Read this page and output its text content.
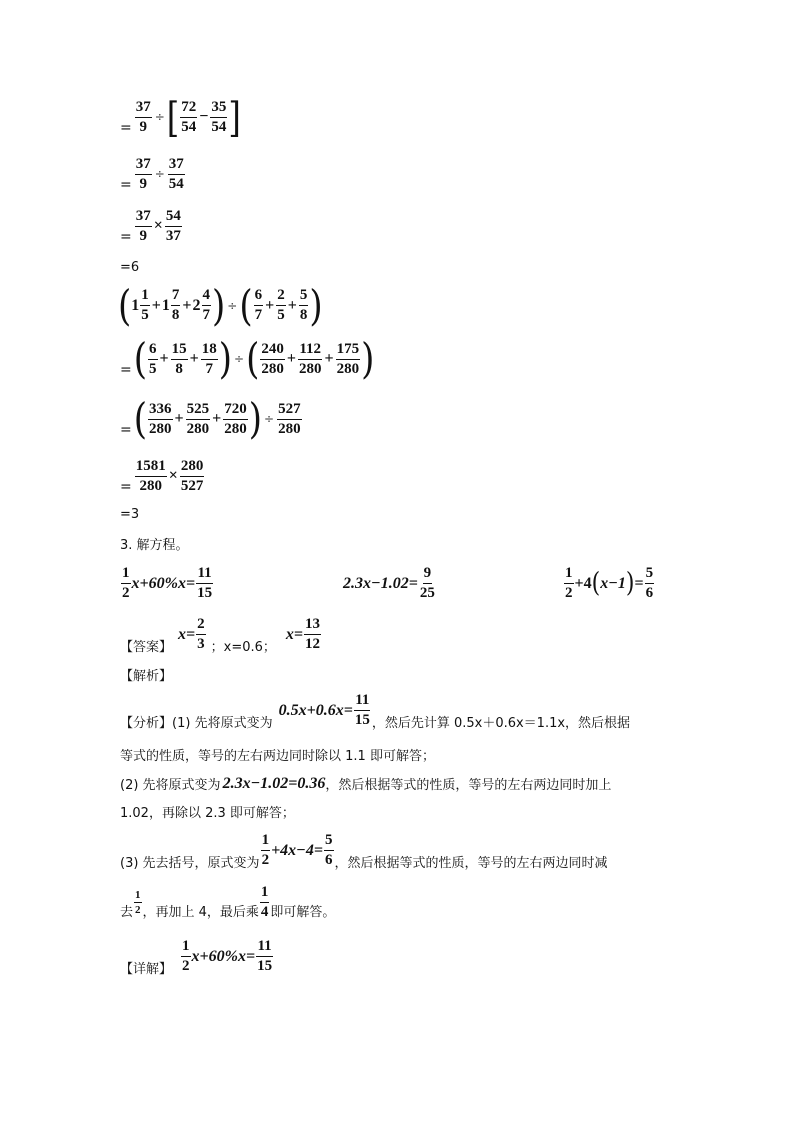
= $\frac{37}{9}$ ÷ [ $\frac{72}{54} - \frac{35}{54}$ ]
= $\frac{37}{9} \div \frac{37}{54}$
= $\frac{37}{9} \times \frac{54}{37}$
=6
( $1 \frac{1}{5} + 1 \frac{7}{8} + 2 \frac{4}{7}$ ) ÷ ( $\frac{6}{7} + \frac{2}{5} + \frac{5}{8}$ )
= ( $\frac{6}{5} + \frac{15}{8} + \frac{18}{7}$ ) ÷ ( $\frac{240}{280} + \frac{112}{280} + \frac{175}{280}$ )
= ( $\frac{336}{280} + \frac{525}{280} + \frac{720}{280}$ ) ÷ $\frac{527}{280}$
= $\frac{1581}{280} \times \frac{280}{527}$
=3
3. 解方程。
$\frac{1}{2} x+60\%x= \frac{11}{15}$	$2.3x-1.02= \frac{9}{25}$	$\frac{1}{2} +4$ ( x−1 ) = $\frac{5}{6}$
【答案】
$x= \frac{2}{3}$ ；x=0.6；
$x= \frac{13}{12}$
【解析】
【分析】 (1) 先将原式变为
$0.5x+0.6x= \frac{11}{15}$ ，然后先计算 0.5x＋0.6x＝1.1x，然后根据
等式的性质，等号的左右两边同时除以 1.1 即可解答；
(2) 先将原式变为 2.3x−1.02=0.36 ，然后根据等式的性质，等号的左右两边同时加上
1.02，再除以 2.3 即可解答；
(3) 先去括号，原式变为 $\frac{1}{2} +4x-4= \frac{5}{6}$ ，然后根据等式的性质，等号的左右两边同时减
去 $\frac{1}{2}$ ，再加上 4，最后乘 $\frac{1}{4}$ 即可解答。
【详解】 $\frac{1}{2} x+60\%x= \frac{11}{15}$
